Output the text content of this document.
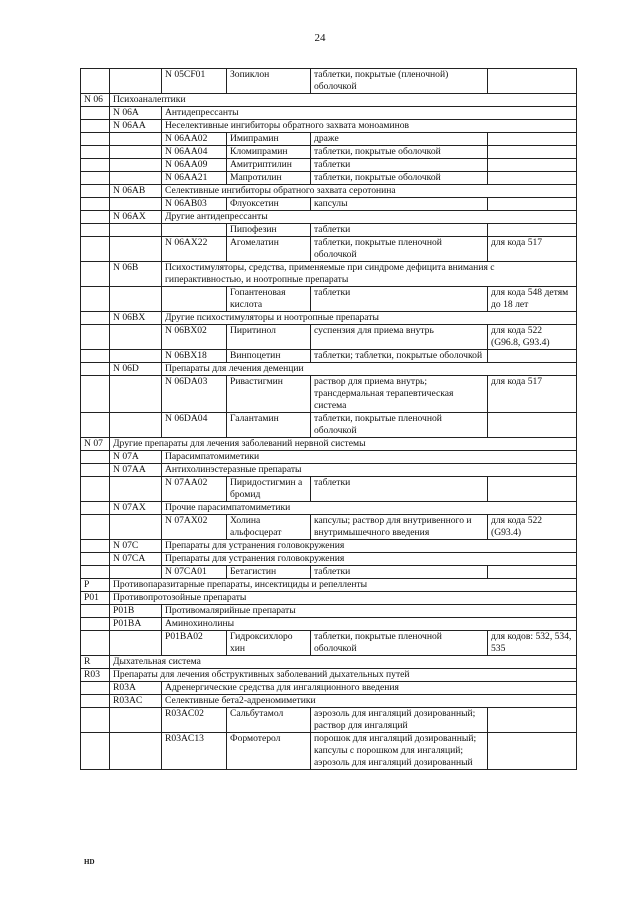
24
		N 05CF01	Зопиклон	таблетки, покрытые (пленочной) оболочкой	
N 06	Психоаналептики				
	N 06A	Антидепрессанты			
	N 06AA	Неселективные ингибиторы обратного захвата моноаминов			
		N 06AA02	Имипрамин	драже	
		N 06AA04	Кломипрамин	таблетки, покрытые оболочкой	
		N 06AA09	Амитриптилин	таблетки	
		N 06AA21	Мапротилин	таблетки, покрытые оболочкой	
	N 06AB	Селективные ингибиторы обратного захвата серотонина			
		N 06AB03	Флуоксетин	капсулы	
	N 06AX	Другие антидепрессанты			
			Пипофезин	таблетки	
		N 06AX22	Агомелатин	таблетки, покрытые пленочной оболочкой	для кода 517
	N 06B	Психостимуляторы, средства, применяемые при синдроме дефицита внимания с гиперактивностью, и ноотропные препараты			
			Гопантеновая кислота	таблетки	для кода 548 детям до 18 лет
	N 06BX	Другие психостимуляторы и ноотропные препараты			
		N 06BX02	Пиритинол	суспензия для приема внутрь	для кода 522 (G96.8, G93.4)
		N 06BX18	Винпоцетин	таблетки; таблетки, покрытые оболочкой	
	N 06D	Препараты для лечения деменции			
		N 06DA03	Ривастигмин	раствор для приема внутрь; трансдермальная терапевтическая система	для кода 517
		N 06DA04	Галантамин	таблетки, покрытые пленочной оболочкой	
N 07	Другие препараты для лечения заболеваний нервной системы				
	N 07A	Парасимпатомиметики			
	N 07AA	Антихолинэстеразные препараты			
		N 07AA02	Пиридостигмин а бромид	таблетки	
	N 07AX	Прочие парасимпатомиметики			
		N 07AX02	Холина альфосцерат	капсулы; раствор для внутривенного и внутримышечного введения	для кода 522 (G93.4)
	N 07C	Препараты для устранения головокружения			
	N 07CA	Препараты для устранения головокружения			
		N 07CA01	Бетагистин	таблетки	
P	Противопаразитарные препараты, инсектициды и репелленты				
P01	Противопротозойные препараты				
	P01B	Противомалярийные препараты			
	P01BA	Аминохинолины			
		P01BA02	Гидроксихлоро хин	таблетки, покрытые пленочной оболочкой	для кодов: 532, 534, 535
R	Дыхательная система				
R03	Препараты для лечения обструктивных заболеваний дыхательных путей				
	R03A	Адренергические средства для ингаляционного введения			
	R03AC	Селективные бета2-адреномиметики			
		R03AC02	Сальбутамол	аэрозоль для ингаляций дозированный; раствор для ингаляций	
		R03AC13	Формотерол	порошок для ингаляций дозированный; капсулы с порошком для ингаляций; аэрозоль для ингаляций дозированный	
HD
